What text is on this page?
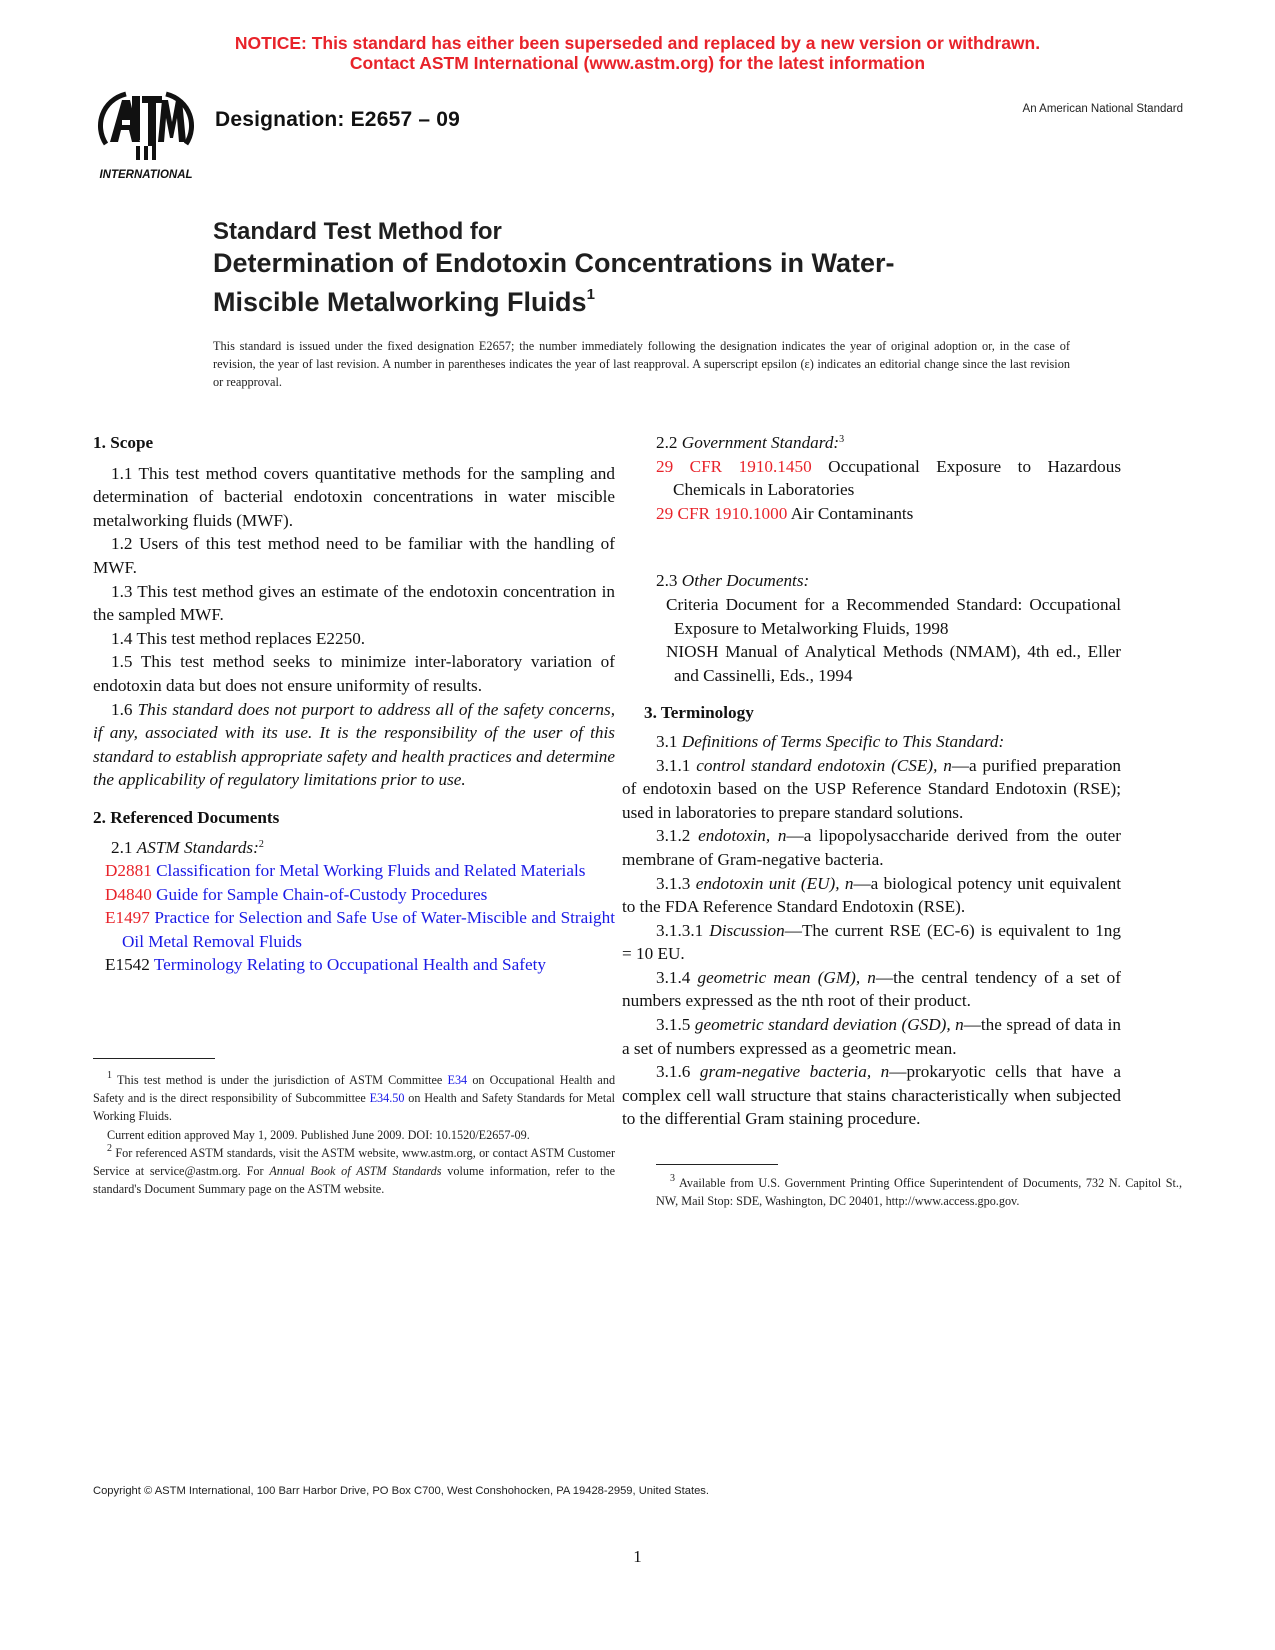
NOTICE: This standard has either been superseded and replaced by a new version or withdrawn.
Contact ASTM International (www.astm.org) for the latest information
INTERNATIONAL
Designation: E2657 – 09	An American National Standard
Standard Test Method for
Determination of Endotoxin Concentrations in Water-
Miscible Metalworking Fluids$^1$
This standard is issued under the fixed designation E2657; the number immediately following the designation indicates the year of original adoption or, in the case of revision, the year of last revision. A number in parentheses indicates the year of last reapproval. A superscript epsilon (ε) indicates an editorial change since the last revision or reapproval.

1. Scope

1.1 This test method covers quantitative methods for the sampling and determination of bacterial endotoxin concentrations in water miscible metalworking fluids (MWF).

1.2 Users of this test method need to be familiar with the handling of MWF.

1.3 This test method gives an estimate of the endotoxin concentration in the sampled MWF.

1.4 This test method replaces E2250.

1.5 This test method seeks to minimize inter-laboratory variation of endotoxin data but does not ensure uniformity of results.

1.6 This standard does not purport to address all of the safety concerns, if any, associated with its use. It is the responsibility of the user of this standard to establish appropriate safety and health practices and determine the applicability of regulatory limitations prior to use.

2. Referenced Documents

2.1 ASTM Standards:$^2$

D2881 Classification for Metal Working Fluids and Related Materials

D4840 Guide for Sample Chain-of-Custody Procedures

E1497 Practice for Selection and Safe Use of Water-Miscible and Straight Oil Metal Removal Fluids

E1542 Terminology Relating to Occupational Health and Safety

2.2 Government Standard:$^3$

29 CFR 1910.1450 Occupational Exposure to Hazardous Chemicals in Laboratories

29 CFR 1910.1000 Air Contaminants

2.3 Other Documents:

Criteria Document for a Recommended Standard: Occupational Exposure to Metalworking Fluids, 1998

NIOSH Manual of Analytical Methods (NMAM), 4th ed., Eller and Cassinelli, Eds., 1994

3. Terminology

3.1 Definitions of Terms Specific to This Standard:

3.1.1 control standard endotoxin (CSE), n—a purified preparation of endotoxin based on the USP Reference Standard Endotoxin (RSE); used in laboratories to prepare standard solutions.

3.1.2 endotoxin, n—a lipopolysaccharide derived from the outer membrane of Gram-negative bacteria.

3.1.3 endotoxin unit (EU), n—a biological potency unit equivalent to the FDA Reference Standard Endotoxin (RSE).

3.1.3.1 Discussion—The current RSE (EC-6) is equivalent to 1ng = 10 EU.

3.1.4 geometric mean (GM), n—the central tendency of a set of numbers expressed as the nth root of their product.

3.1.5 geometric standard deviation (GSD), n—the spread of data in a set of numbers expressed as a geometric mean.

3.1.6 gram-negative bacteria, n—prokaryotic cells that have a complex cell wall structure that stains characteristically when subjected to the differential Gram staining procedure.

$^1$ This test method is under the jurisdiction of ASTM Committee E34 on Occupational Health and Safety and is the direct responsibility of Subcommittee E34.50 on Health and Safety Standards for Metal Working Fluids.

Current edition approved May 1, 2009. Published June 2009. DOI: 10.1520/E2657-09.

$^2$ For referenced ASTM standards, visit the ASTM website, www.astm.org, or contact ASTM Customer Service at service@astm.org. For Annual Book of ASTM Standards volume information, refer to the standard's Document Summary page on the ASTM website.

$^3$ Available from U.S. Government Printing Office Superintendent of Documents, 732 N. Capitol St., NW, Mail Stop: SDE, Washington, DC 20401, http://www.access.gpo.gov.

Copyright © ASTM International, 100 Barr Harbor Drive, PO Box C700, West Conshohocken, PA 19428-2959, United States.
1
